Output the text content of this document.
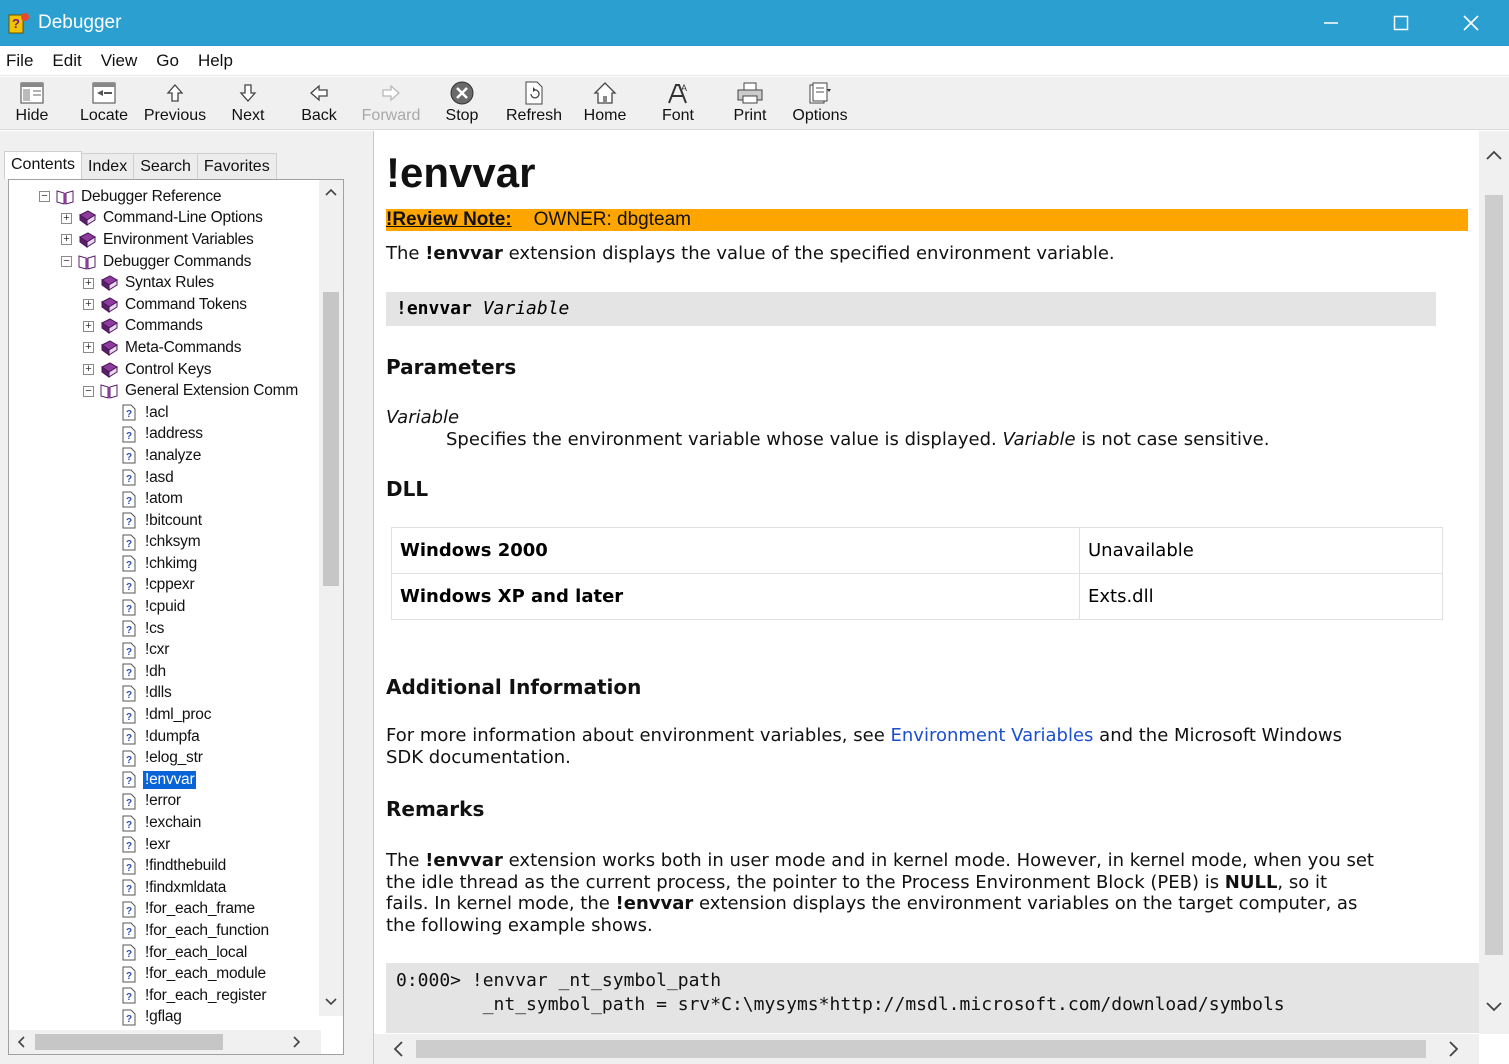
? Debugger
File Edit View Go Help
Hide Locate Previous Next Back Forward Stop Refresh Home
A
Font Print Options
Contents Index Search Favorites
− Debugger Reference
+ Command-Line Options
+ Environment Variables
− Debugger Commands
+ Syntax Rules
+ Command Tokens
+ Commands
+ Meta-Commands
+ Control Keys
− General Extension Comm
? !acl
? !address
? !analyze
? !asd
? !atom
? !bitcount
? !chksym
? !chkimg
? !cppexr
? !cpuid
? !cs
? !cxr
? !dh
? !dlls
? !dml_proc
? !dumpfa
? !elog_str
? !envvar
? !error
? !exchain
? !exr
? !findthebuild
? !findxmldata
? !for_each_frame
? !for_each_function
? !for_each_local
? !for_each_module
? !for_each_register
? !gflag
!envvar
!Review Note: OWNER: dbgteam
The !envvar extension displays the value of the specified environment variable.
!envvar Variable
Parameters
Variable
Specifies the environment variable whose value is displayed. Variable is not case sensitive.
DLL
Windows 2000	Unavailable
Windows XP and later	Exts.dll
Additional Information
For more information about environment variables, see Environment Variables and the Microsoft Windows
SDK documentation.
Remarks
The !envvar extension works both in user mode and in kernel mode. However, in kernel mode, when you set
the idle thread as the current process, the pointer to the Process Environment Block (PEB) is NULL, so it
fails. In kernel mode, the !envvar extension displays the environment variables on the target computer, as
the following example shows.
0:000> !envvar _nt_symbol_path
_nt_symbol_path = srv*C:\mysyms*http://msdl.microsoft.com/download/symbols
